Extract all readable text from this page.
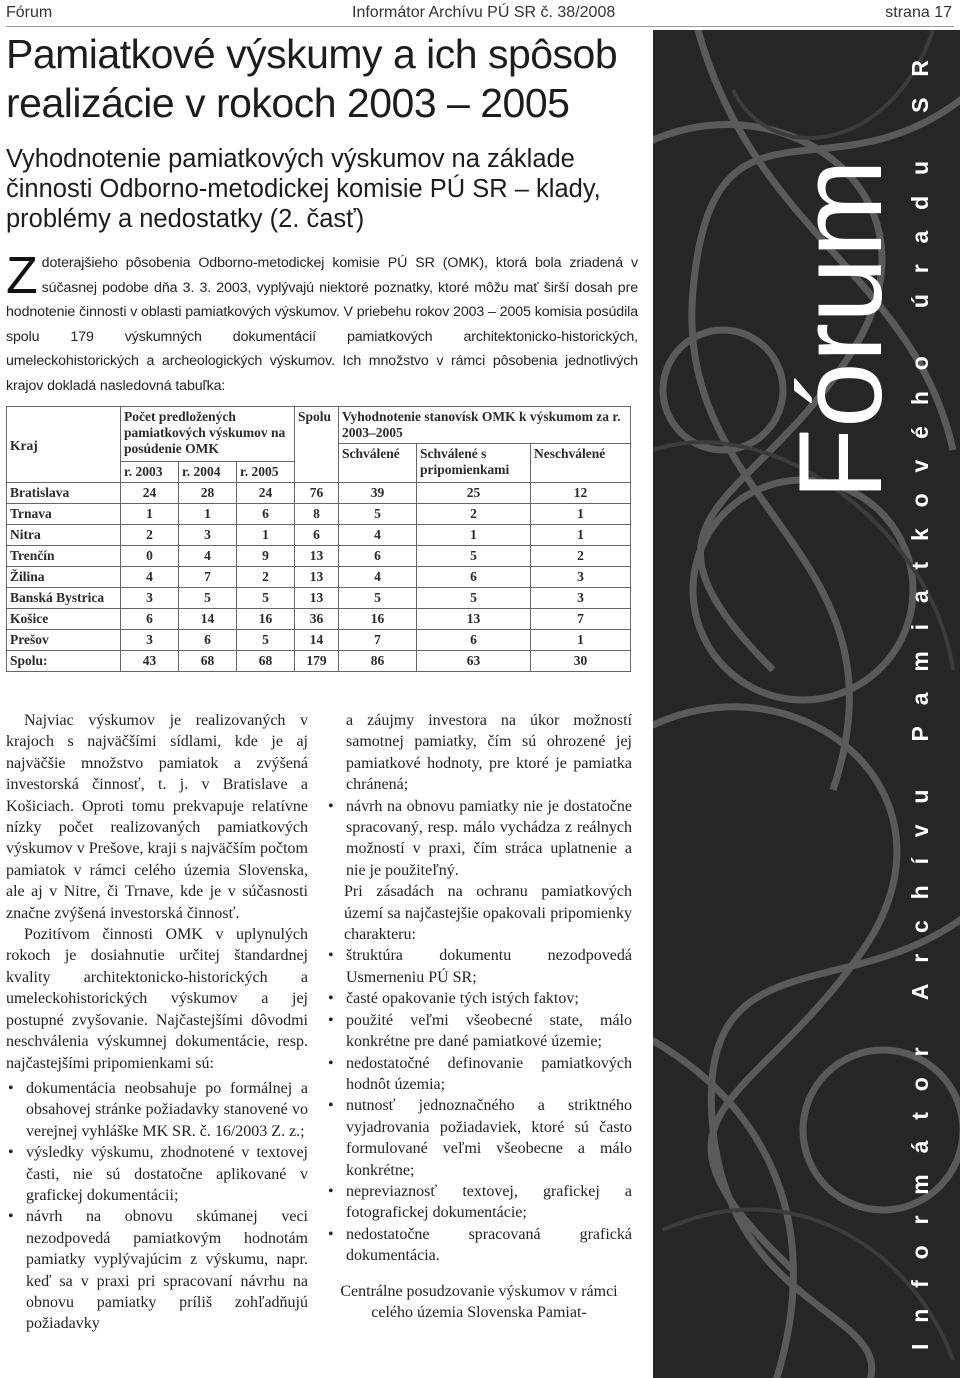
Fórum	Informátor Archívu PÚ SR č. 38/2008	strana 17
Pamiatkové výskumy a ich spôsob
realizácie v rokoch 2003 – 2005
Vyhodnotenie pamiatkových výskumov na základe
činnosti Odborno-metodickej komisie PÚ SR – klady,
problémy a nedostatky (2. časť)
Zdoterajšieho pôsobenia Odborno-metodickej komisie PÚ SR (OMK), ktorá bola zriadená v súčasnej podobe dňa 3. 3. 2003, vyplývajú niektoré poznatky, ktoré môžu mať širší dosah pre hodnotenie činnosti v oblasti pamiatkových výskumov. V priebehu rokov 2003 – 2005 komisia posúdila spolu 179 výskumných dokumentácií pamiatkových architektonicko-historických, umeleckohistorických a archeologických výskumov. Ich množstvo v rámci pôsobenia jednotlivých krajov dokladá nasledovná tabuľka:
Kraj	Počet predložených pamiatkových výskumov na posúdenie OMK			Spolu	Vyhodnotenie stanovísk OMK k výskumom za r. 2003–2005		
					Schválené	Schválené s pripomienkami	Neschválené
	r. 2003	r. 2004	r. 2005				
Bratislava	24	28	24	76	39	25	12
Trnava	1	1	6	8	5	2	1
Nitra	2	3	1	6	4	1	1
Trenčín	0	4	9	13	6	5	2
Žilina	4	7	2	13	4	6	3
Banská Bystrica	3	5	5	13	5	5	3
Košice	6	14	16	36	16	13	7
Prešov	3	6	5	14	7	6	1
Spolu:	43	68	68	179	86	63	30

Najviac výskumov je realizovaných v krajoch s najväčšími sídlami, kde je aj najväčšie množstvo pamiatok a zvýšená investorská činnosť, t. j. v Bratislave a Košiciach. Oproti tomu prekvapuje relatívne nízky počet realizovaných pamiatkových výskumov v Prešove, kraji s najväčším počtom pamiatok v rámci celého územia Slovenska, ale aj v Nitre, či Trnave, kde je v súčasnosti značne zvýšená investorská činnosť.

Pozitívom činnosti OMK v uplynulých rokoch je dosiahnutie určitej štandardnej kvality architektonicko-historických a umeleckohistorických výskumov a jej postupné zvyšovanie. Najčastejšími dôvodmi neschválenia výskumnej dokumentácie, resp. najčastejšími pripomienkami sú:

• dokumentácia neobsahuje po formálnej a obsahovej stránke požiadavky stanovené vo verejnej vyhláške MK SR. č. 16/2003 Z. z.;
• výsledky výskumu, zhodnotené v textovej časti, nie sú dostatočne aplikované v grafickej dokumentácii;
• návrh na obnovu skúmanej veci nezodpovedá pamiatkovým hodnotám pamiatky vyplývajúcim z výskumu, napr. keď sa v praxi pri spracovaní návrhu na obnovu pamiatky príliš zohľadňujú požiadavky

a záujmy investora na úkor možností samotnej pamiatky, čím sú ohrozené jej pamiatkové hodnoty, pre ktoré je pamiatka chránená;

• návrh na obnovu pamiatky nie je dostatočne spracovaný, resp. málo vychádza z reálnych možností v praxi, čím stráca uplatnenie a nie je použiteľný.

Pri zásadách na ochranu pamiatkových území sa najčastejšie opakovali pripomienky charakteru:

• štruktúra dokumentu nezodpovedá Usmerneniu PÚ SR;
• časté opakovanie tých istých faktov;
• použité veľmi všeobecné state, málo konkrétne pre dané pamiatkové územie;
• nedostatočné definovanie pamiatkových hodnôt územia;
• nutnosť jednoznačného a striktného vyjadrovania požiadaviek, ktoré sú často formulované veľmi všeobecne a málo konkrétne;
• nepreviaznosť textovej, grafickej a fotografickej dokumentácie;
• nedostatočne spracovaná grafická dokumentácia.

Centrálne posudzovanie výskumov v rámci celého územia Slovenska Pamiat-

Fórum
Informátor Archívu Pamiatkového úradu SR
